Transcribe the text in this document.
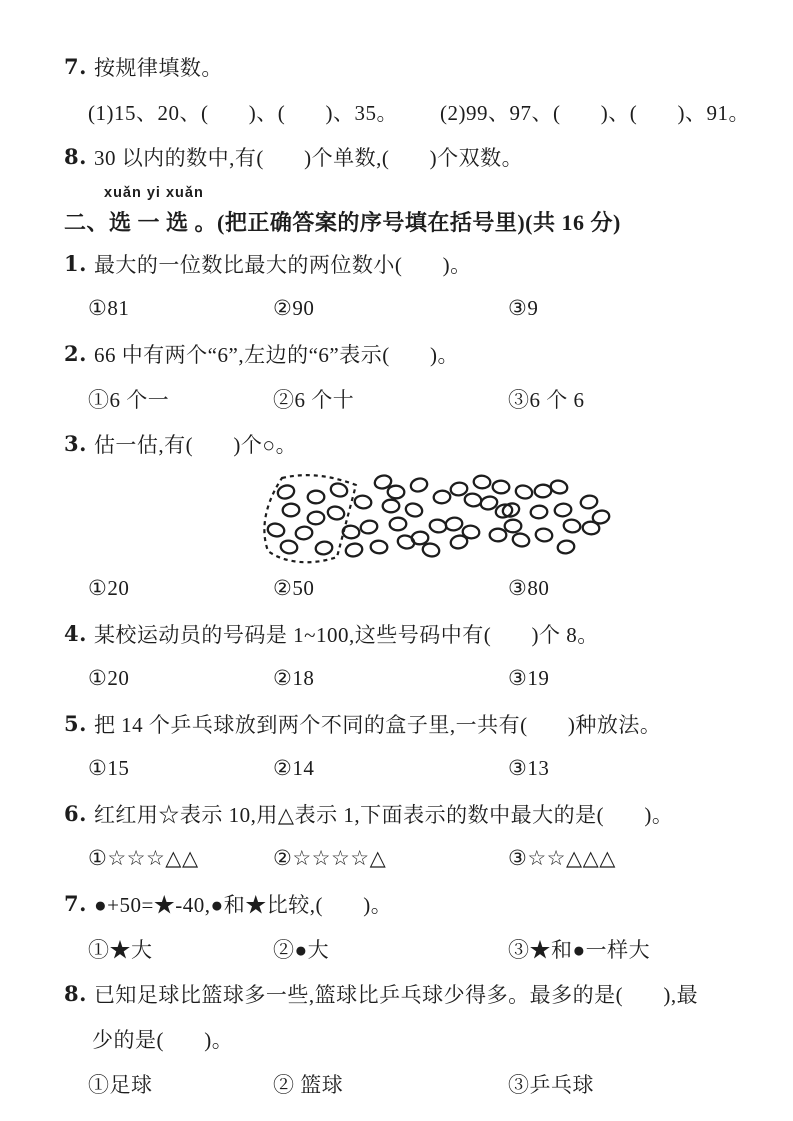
7. 按规律填数。
(1)15、20、(       )、(       )、35。	(2)99、97、(       )、(       )、91。
8. 30 以内的数中,有(       )个单数,(       )个双数。
xuǎn yi xuǎn
二、选 一 选 。(把正确答案的序号填在括号里)(共 16 分)
1. 最大的一位数比最大的两位数小(       )。
①81	②90	③9
2. 66 中有两个“6”,左边的“6”表示(       )。
①6 个一	②6 个十	③6 个 6
3. 估一估,有(       )个○。
①20	②50	③80
4. 某校运动员的号码是 1~100,这些号码中有(       )个 8。
①20	②18	③19
5. 把 14 个乒乓球放到两个不同的盒子里,一共有(       )种放法。
①15	②14	③13
6. 红红用☆表示 10,用△表示 1,下面表示的数中最大的是(       )。
①☆☆☆△△	②☆☆☆☆△	③☆☆△△△
7. ●+50=★-40,●和★比较,(       )。
①★大	②●大	③★和●一样大
8. 已知足球比篮球多一些,篮球比乒乓球少得多。最多的是(       ),最
少的是(       )。
①足球	② 篮球	③乒乓球
